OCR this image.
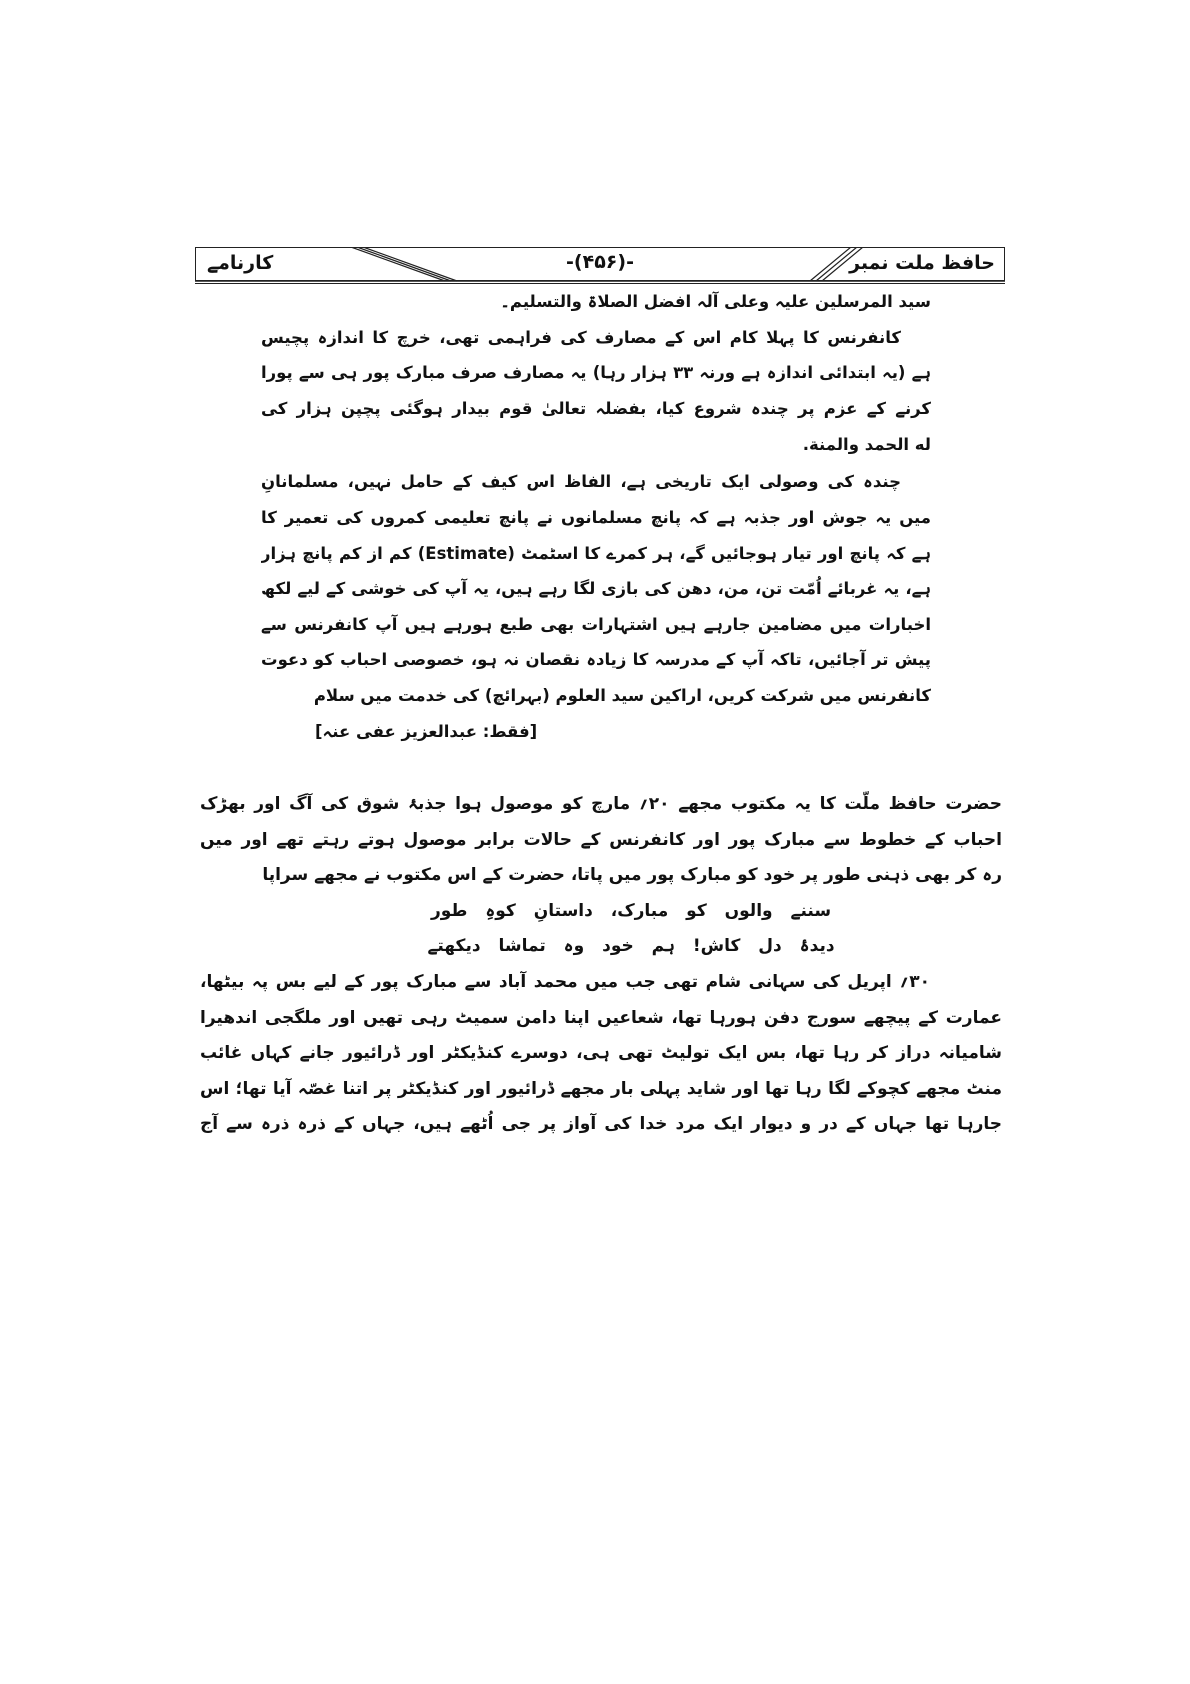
حافظ ملت نمبر
-(۴۵۶)-
کارنامے
سید المرسلین علیہ وعلی آلہ افضل الصلاۃ والتسلیم۔
کانفرنس کا پہلا کام اس کے مصارف کی فراہمی تھی، خرچ کا اندازہ پچیس
ہے (یہ ابتدائی اندازہ ہے ورنہ ۳۳ ہزار رہا) یہ مصارف صرف مبارک پور ہی سے پورا
کرنے کے عزم پر چندہ شروع کیا، بفضلہ تعالیٰ قوم بیدار ہوگئی پچپن ہزار کی
له الحمد والمنة.
چندہ کی وصولی ایک تاریخی ہے، الفاظ اس کیف کے حامل نہیں، مسلمانانِ
میں یہ جوش اور جذبہ ہے کہ پانچ مسلمانوں نے پانچ تعلیمی کمروں کی تعمیر کا
ہے کہ پانچ اور تیار ہوجائیں گے، ہر کمرے کا اسٹمٹ (Estimate) کم از کم پانچ ہزار
ہے، یہ غربائے اُمّت تن، من، دھن کی بازی لگا رہے ہیں، یہ آپ کی خوشی کے لیے لکھ
اخبارات میں مضامین جارہے ہیں اشتہارات بھی طبع ہورہے ہیں آپ کانفرنس سے
پیش تر آجائیں، تاکہ آپ کے مدرسہ کا زیادہ نقصان نہ ہو، خصوصی احباب کو دعوت
کانفرنس میں شرکت کریں، اراکین سید العلوم (بہرائچ) کی خدمت میں سلام
[فقط: عبدالعزیز عفی عنہ]
حضرت حافظ ملّت کا یہ مکتوب مجھے ۲۰؍ مارچ کو موصول ہوا جذبۂ شوق کی آگ اور بھڑک
احباب کے خطوط سے مبارک پور اور کانفرنس کے حالات برابر موصول ہوتے رہتے تھے اور میں
رہ کر بھی ذہنی طور پر خود کو مبارک پور میں پاتا، حضرت کے اس مکتوب نے مجھے سراپا
سننے والوں کو مبارک، داستانِ کوہِ طور
دیدۂ دل کاش! ہم خود وہ تماشا دیکھتے
۳۰؍ اپریل کی سہانی شام تھی جب میں محمد آباد سے مبارک پور کے لیے بس پہ بیٹھا،
عمارت کے پیچھے سورج دفن ہورہا تھا، شعاعیں اپنا دامن سمیٹ رہی تھیں اور ملگجی اندھیرا
شامیانہ دراز کر رہا تھا، بس ایک تولیٹ تھی ہی، دوسرے کنڈیکٹر اور ڈرائیور جانے کہاں غائب
منٹ مجھے کچوکے لگا رہا تھا اور شاید پہلی بار مجھے ڈرائیور اور کنڈیکٹر پر اتنا غصّہ آیا تھا؛ اس
جارہا تھا جہاں کے در و دیوار ایک مرد خدا کی آواز پر جی اُٹھے ہیں، جہاں کے ذرہ ذرہ سے آج
